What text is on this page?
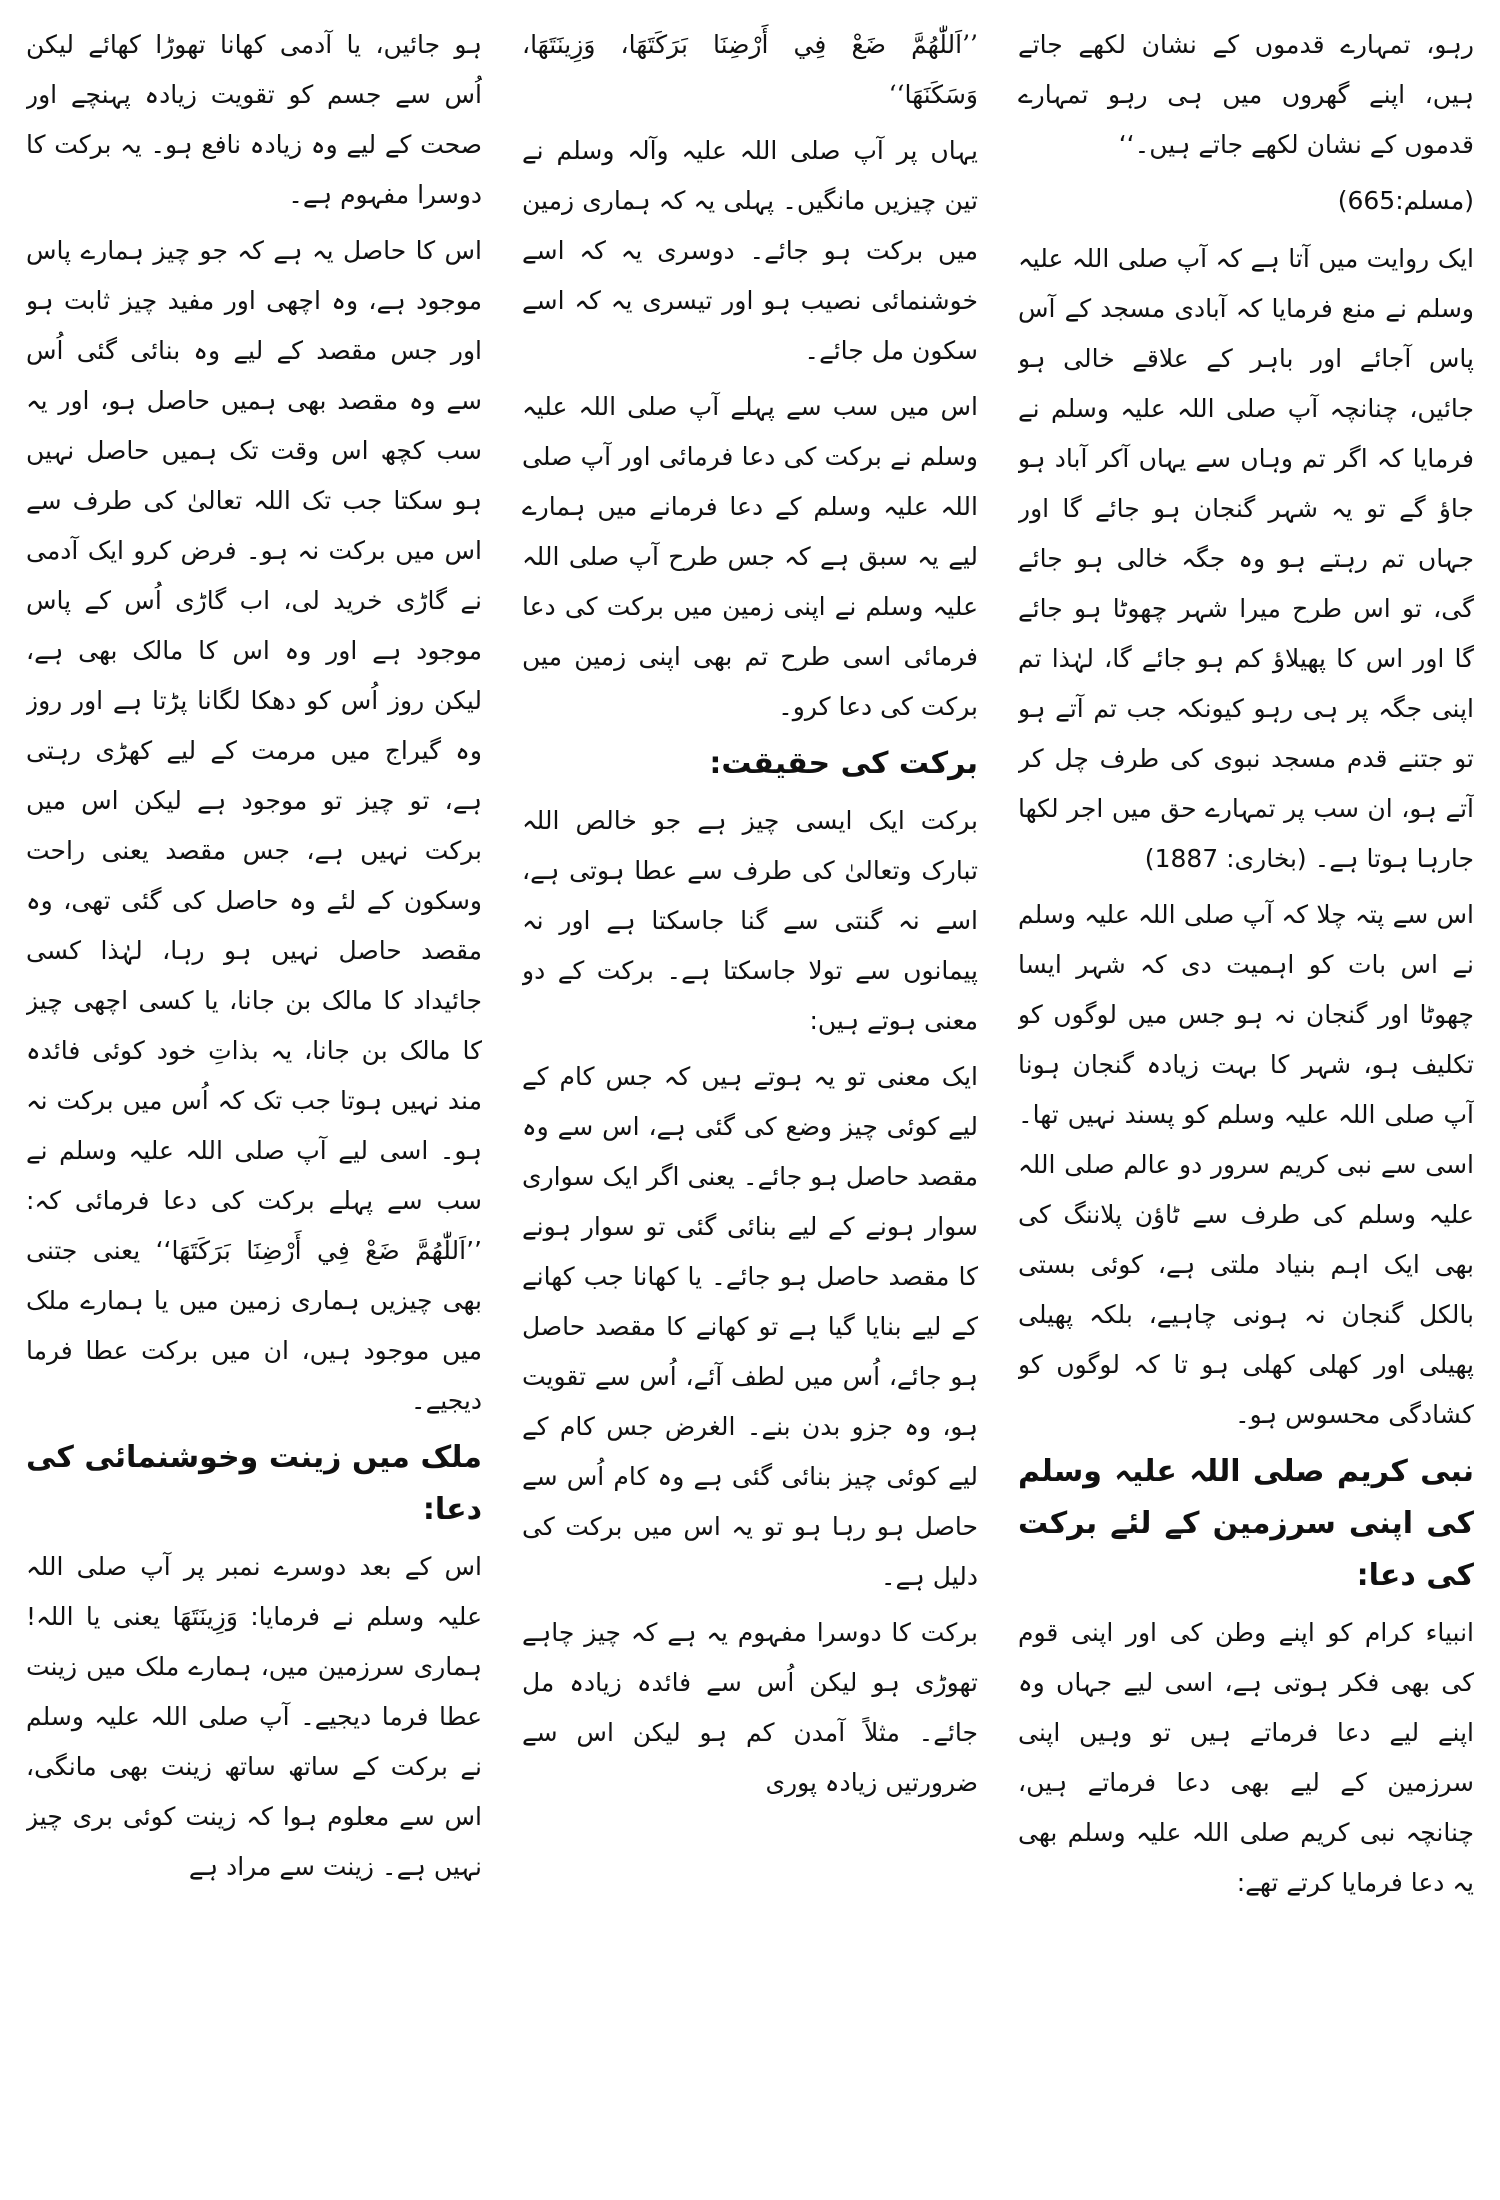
رہو، تمہارے قدموں کے نشان لکھے جاتے ہیں، اپنے گھروں میں ہی رہو تمہارے قدموں کے نشان لکھے جاتے ہیں۔‘‘

(مسلم:665)

ایک روایت میں آتا ہے کہ آپ صلی اللہ علیہ وسلم نے منع فرمایا کہ آبادی مسجد کے آس پاس آجائے اور باہر کے علاقے خالی ہو جائیں، چنانچہ آپ صلی اللہ علیہ وسلم نے فرمایا کہ اگر تم وہاں سے یہاں آکر آباد ہو جاؤ گے تو یہ شہر گنجان ہو جائے گا اور جہاں تم رہتے ہو وہ جگہ خالی ہو جائے گی، تو اس طرح میرا شہر چھوٹا ہو جائے گا اور اس کا پھیلاؤ کم ہو جائے گا، لہٰذا تم اپنی جگہ پر ہی رہو کیونکہ جب تم آتے ہو تو جتنے قدم مسجد نبوی کی طرف چل کر آتے ہو، ان سب پر تمہارے حق میں اجر لکھا جارہا ہوتا ہے۔ (بخاری: 1887)

اس سے پتہ چلا کہ آپ صلی اللہ علیہ وسلم نے اس بات کو اہمیت دی کہ شہر ایسا چھوٹا اور گنجان نہ ہو جس میں لوگوں کو تکلیف ہو، شہر کا بہت زیادہ گنجان ہونا آپ صلی اللہ علیہ وسلم کو پسند نہیں تھا۔ اسی سے نبی کریم سرور دو عالم صلی اللہ علیہ وسلم کی طرف سے ٹاؤن پلاننگ کی بھی ایک اہم بنیاد ملتی ہے، کوئی بستی بالکل گنجان نہ ہونی چاہیے، بلکہ پھیلی پھیلی اور کھلی کھلی ہو تا کہ لوگوں کو کشادگی محسوس ہو۔

نبی کریم صلی اللہ علیہ وسلم کی اپنی سرزمین کے لئے برکت کی دعا:

انبیاء کرام کو اپنے وطن کی اور اپنی قوم کی بھی فکر ہوتی ہے، اسی لیے جہاں وہ اپنے لیے دعا فرماتے ہیں تو وہیں اپنی سرزمین کے لیے بھی دعا فرماتے ہیں، چنانچہ نبی کریم صلی اللہ علیہ وسلم بھی یہ دعا فرمایا کرتے تھے:

’’اَللّٰهُمَّ ضَعْ فِي أَرْضِنَا بَرَكَتَهَا، وَزِينَتَهَا، وَسَكَنَهَا‘‘

یہاں پر آپ صلی اللہ علیہ وآلہ وسلم نے تین چیزیں مانگیں۔ پہلی یہ کہ ہماری زمین میں برکت ہو جائے۔ دوسری یہ کہ اسے خوشنمائی نصیب ہو اور تیسری یہ کہ اسے سکون مل جائے۔

اس میں سب سے پہلے آپ صلی اللہ علیہ وسلم نے برکت کی دعا فرمائی اور آپ صلی اللہ علیہ وسلم کے دعا فرمانے میں ہمارے لیے یہ سبق ہے کہ جس طرح آپ صلی اللہ علیہ وسلم نے اپنی زمین میں برکت کی دعا فرمائی اسی طرح تم بھی اپنی زمین میں برکت کی دعا کرو۔

برکت کی حقیقت:

برکت ایک ایسی چیز ہے جو خالص اللہ تبارک وتعالیٰ کی طرف سے عطا ہوتی ہے، اسے نہ گنتی سے گنا جاسکتا ہے اور نہ پیمانوں سے تولا جاسکتا ہے۔ برکت کے دو معنی ہوتے ہیں:

ایک معنی تو یہ ہوتے ہیں کہ جس کام کے لیے کوئی چیز وضع کی گئی ہے، اس سے وہ مقصد حاصل ہو جائے۔ یعنی اگر ایک سواری سوار ہونے کے لیے بنائی گئی تو سوار ہونے کا مقصد حاصل ہو جائے۔ یا کھانا جب کھانے کے لیے بنایا گیا ہے تو کھانے کا مقصد حاصل ہو جائے، اُس میں لطف آئے، اُس سے تقویت ہو، وہ جزو بدن بنے۔ الغرض جس کام کے لیے کوئی چیز بنائی گئی ہے وہ کام اُس سے حاصل ہو رہا ہو تو یہ اس میں برکت کی دلیل ہے۔

برکت کا دوسرا مفہوم یہ ہے کہ چیز چاہے تھوڑی ہو لیکن اُس سے فائدہ زیادہ مل جائے۔ مثلاً آمدن کم ہو لیکن اس سے ضرورتیں زیادہ پوری

ہو جائیں، یا آدمی کھانا تھوڑا کھائے لیکن اُس سے جسم کو تقویت زیادہ پہنچے اور صحت کے لیے وہ زیادہ نافع ہو۔ یہ برکت کا دوسرا مفہوم ہے۔

اس کا حاصل یہ ہے کہ جو چیز ہمارے پاس موجود ہے، وہ اچھی اور مفید چیز ثابت ہو اور جس مقصد کے لیے وہ بنائی گئی اُس سے وہ مقصد بھی ہمیں حاصل ہو، اور یہ سب کچھ اس وقت تک ہمیں حاصل نہیں ہو سکتا جب تک اللہ تعالیٰ کی طرف سے اس میں برکت نہ ہو۔ فرض کرو ایک آدمی نے گاڑی خرید لی، اب گاڑی اُس کے پاس موجود ہے اور وہ اس کا مالک بھی ہے، لیکن روز اُس کو دھکا لگانا پڑتا ہے اور روز وہ گیراج میں مرمت کے لیے کھڑی رہتی ہے، تو چیز تو موجود ہے لیکن اس میں برکت نہیں ہے، جس مقصد یعنی راحت وسکون کے لئے وہ حاصل کی گئی تھی، وہ مقصد حاصل نہیں ہو رہا، لہٰذا کسی جائیداد کا مالک بن جانا، یا کسی اچھی چیز کا مالک بن جانا، یہ بذاتِ خود کوئی فائدہ مند نہیں ہوتا جب تک کہ اُس میں برکت نہ ہو۔ اسی لیے آپ صلی اللہ علیہ وسلم نے سب سے پہلے برکت کی دعا فرمائی کہ: ’’اَللّٰهُمَّ ضَعْ فِي أَرْضِنَا بَرَكَتَهَا‘‘ یعنی جتنی بھی چیزیں ہماری زمین میں یا ہمارے ملک میں موجود ہیں، ان میں برکت عطا فرما دیجیے۔

ملک میں زینت وخوشنمائی کی دعا:

اس کے بعد دوسرے نمبر پر آپ صلی اللہ علیہ وسلم نے فرمایا: وَزِينَتَهَا یعنی یا اللہ! ہماری سرزمین میں، ہمارے ملک میں زینت عطا فرما دیجیے۔ آپ صلی اللہ علیہ وسلم نے برکت کے ساتھ ساتھ زینت بھی مانگی، اس سے معلوم ہوا کہ زینت کوئی بری چیز نہیں ہے۔ زینت سے مراد ہے
